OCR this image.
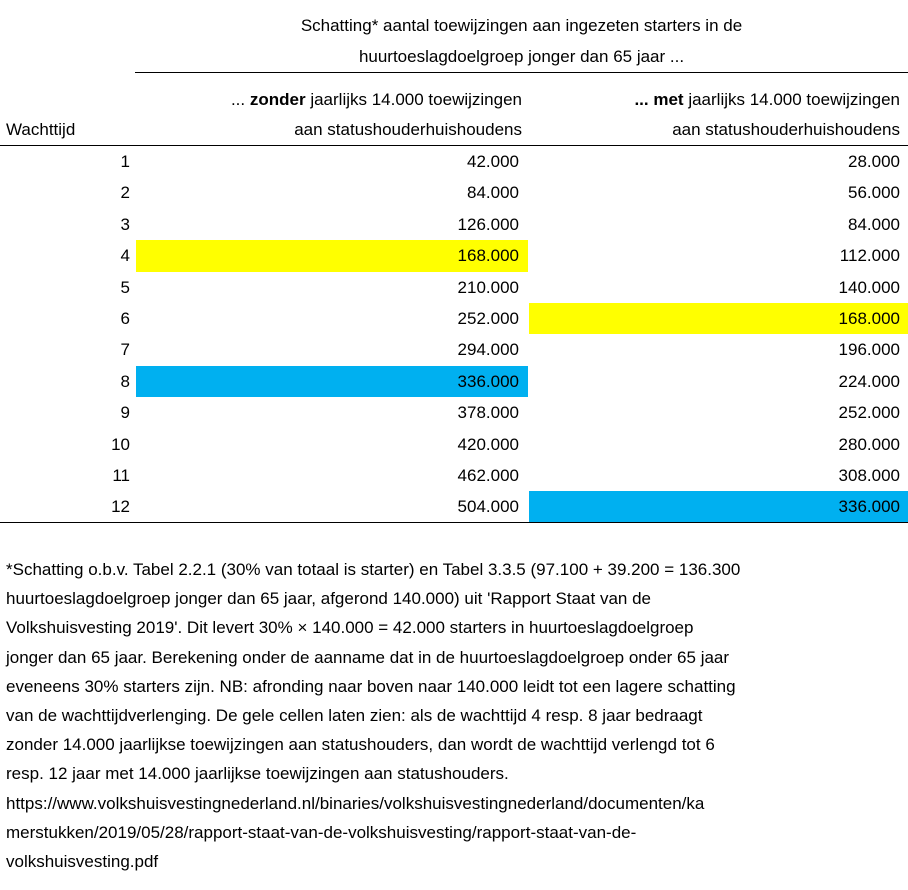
Schatting* aantal toewijzingen aan ingezeten starters in de
huurtoeslagdoelgroep jonger dan 65 jaar ...
... zonder jaarlijks 14.000 toewijzingen
aan statushouderhuishoudens
... met jaarlijks 14.000 toewijzingen
aan statushouderhuishoudens
Wachttijd
1	42.000	28.000
2	84.000	56.000
3	126.000	84.000
4	168.000	112.000
5	210.000	140.000
6	252.000	168.000
7	294.000	196.000
8	336.000	224.000
9	378.000	252.000
10	420.000	280.000
11	462.000	308.000
12	504.000	336.000
*Schatting o.b.v. Tabel 2.2.1 (30% van totaal is starter) en Tabel 3.3.5 (97.100 + 39.200 = 136.300
huurtoeslagdoelgroep jonger dan 65 jaar, afgerond 140.000) uit 'Rapport Staat van de
Volkshuisvesting 2019'. Dit levert 30% × 140.000 = 42.000 starters in huurtoeslagdoelgroep
jonger dan 65 jaar. Berekening onder de aanname dat in de huurtoeslagdoelgroep onder 65 jaar
eveneens 30% starters zijn. NB: afronding naar boven naar 140.000 leidt tot een lagere schatting
van de wachttijdverlenging. De gele cellen laten zien: als de wachttijd 4 resp. 8 jaar bedraagt
zonder 14.000 jaarlijkse toewijzingen aan statushouders, dan wordt de wachttijd verlengd tot 6
resp. 12 jaar met 14.000 jaarlijkse toewijzingen aan statushouders.
https://www.volkshuisvestingnederland.nl/binaries/volkshuisvestingnederland/documenten/ka
merstukken/2019/05/28/rapport-staat-van-de-volkshuisvesting/rapport-staat-van-de-
volkshuisvesting.pdf
